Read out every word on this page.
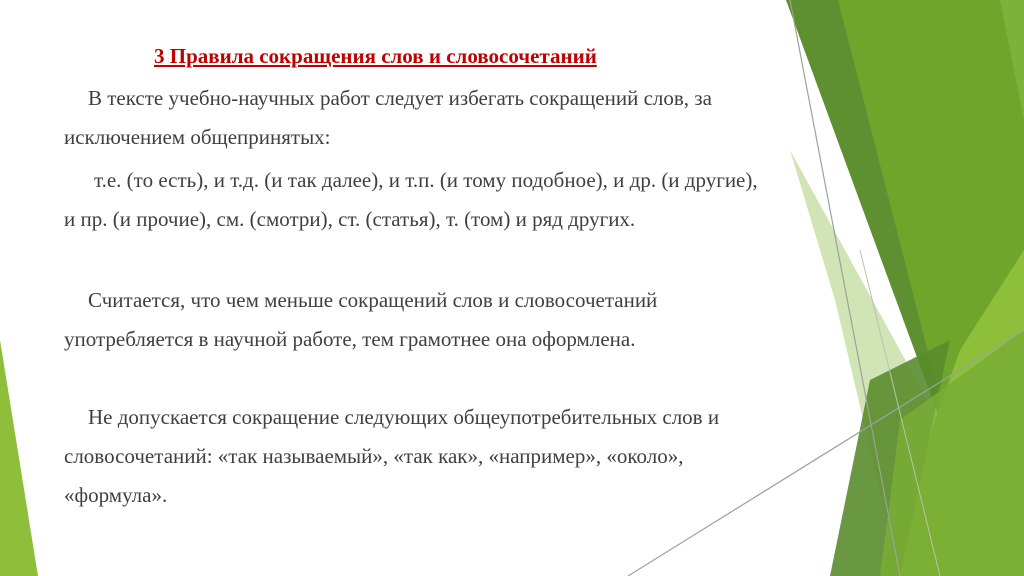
3 Правила сокращения слов и словосочетаний

В тексте учебно-научных работ следует избегать сокращений слов, за исключением общепринятых:

т.е. (то есть), и т.д. (и так далее), и т.п. (и тому подобное), и др. (и другие), и пр. (и прочие), см. (смотри), ст. (статья), т. (том) и ряд других.

Считается, что чем меньше сокращений слов и словосочетаний употребляется в научной работе, тем грамотнее она оформлена.

Не допускается сокращение следующих общеупотребительных слов и словосочетаний: «так называемый», «так как», «например», «около», «формула».
